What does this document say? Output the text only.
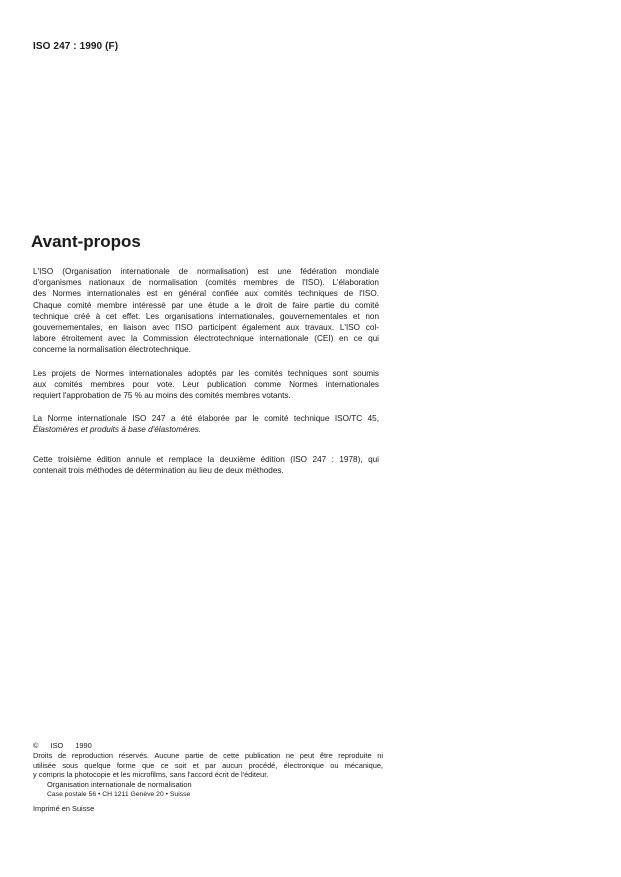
ISO 247 : 1990 (F)
Avant-propos
L'ISO (Organisation internationale de normalisation) est une fédération mondiale
d'organismes nationaux de normalisation (comités membres de l'ISO). L'élaboration
des Normes internationales est en général confiée aux comités techniques de l'ISO.
Chaque comité membre intéressé par une étude a le droit de faire partie du comité
technique créé à cet effet. Les organisations internationales, gouvernementales et non
gouvernementales, en liaison avec l'ISO participent également aux travaux. L'ISO col-
labore étroitement avec la Commission électrotechnique internationale (CEI) en ce qui
concerne la normalisation électrotechnique.
Les projets de Normes internationales adoptés par les comités techniques sont soumis
aux comités membres pour vote. Leur publication comme Normes internationales
requiert l'approbation de 75 % au moins des comités membres votants.
La Norme internationale ISO 247 a été élaborée par le comité technique ISO/TC 45,
Élastomères et produits à base d'élastomères.
Cette troisième édition annule et remplace la deuxième édition (ISO 247 : 1978), qui
contenait trois méthodes de détermination au lieu de deux méthodes.
© ISO 1990
Droits de reproduction réservés. Aucune partie de cette publication ne peut être reproduite ni
utilisée sous quelque forme que ce soit et par aucun procédé, électronique ou mécanique,
y compris la photocopie et les microfilms, sans l'accord écrit de l'éditeur.
Organisation internationale de normalisation
Case postale 56 • CH 1211 Genève 20 • Suisse
Imprimé en Suisse
